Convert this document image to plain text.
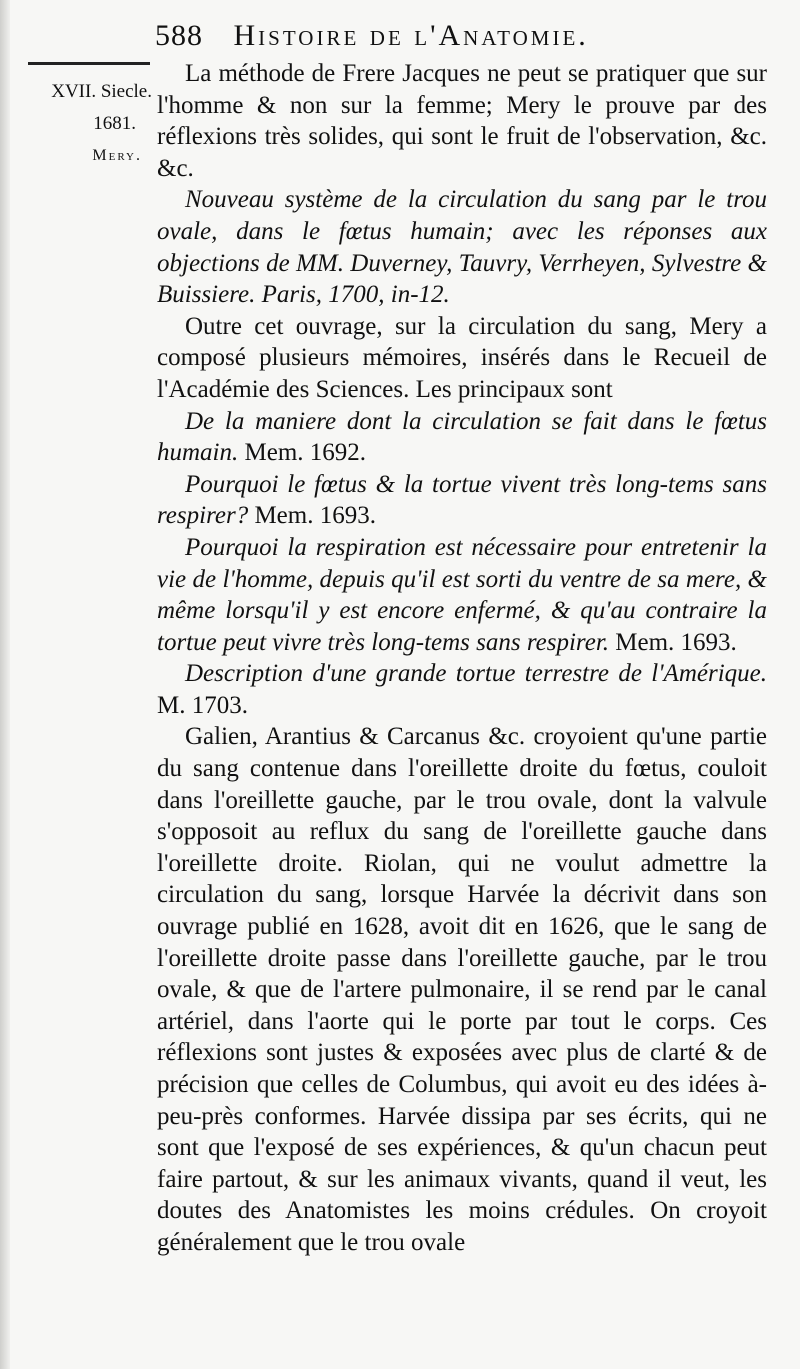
588 Histoire de l'Anatomie.
XVII. Siecle.
1681.
Mery.

La méthode de Frere Jacques ne peut se pratiquer que sur l'homme & non sur la femme; Mery le prouve par des réflexions très solides, qui sont le fruit de l'observation, &c. &c.

Nouveau système de la circulation du sang par le trou ovale, dans le fœtus humain; avec les réponses aux objections de MM. Duverney, Tauvry, Verrheyen, Sylvestre & Buissiere. Paris, 1700, in-12.

Outre cet ouvrage, sur la circulation du sang, Mery a composé plusieurs mémoires, insérés dans le Recueil de l'Académie des Sciences. Les principaux sont

De la maniere dont la circulation se fait dans le fœtus humain. Mem. 1692.

Pourquoi le fœtus & la tortue vivent très long-tems sans respirer? Mem. 1693.

Pourquoi la respiration est nécessaire pour entretenir la vie de l'homme, depuis qu'il est sorti du ventre de sa mere, & même lorsqu'il y est encore enfermé, & qu'au contraire la tortue peut vivre très long-tems sans respirer. Mem. 1693.

Description d'une grande tortue terrestre de l'Amérique. M. 1703.

Galien, Arantius & Carcanus &c. croyoient qu'une partie du sang contenue dans l'oreillette droite du fœtus, couloit dans l'oreillette gauche, par le trou ovale, dont la valvule s'opposoit au reflux du sang de l'oreillette gauche dans l'oreillette droite. Riolan, qui ne voulut admettre la circulation du sang, lorsque Harvée la décrivit dans son ouvrage publié en 1628, avoit dit en 1626, que le sang de l'oreillette droite passe dans l'oreillette gauche, par le trou ovale, & que de l'artere pulmonaire, il se rend par le canal artériel, dans l'aorte qui le porte par tout le corps. Ces réflexions sont justes & exposées avec plus de clarté & de précision que celles de Columbus, qui avoit eu des idées à-peu-près conformes. Harvée dissipa par ses écrits, qui ne sont que l'exposé de ses expériences, & qu'un chacun peut faire partout, & sur les animaux vivants, quand il veut, les doutes des Anatomistes les moins crédules. On croyoit généralement que le trou ovale
